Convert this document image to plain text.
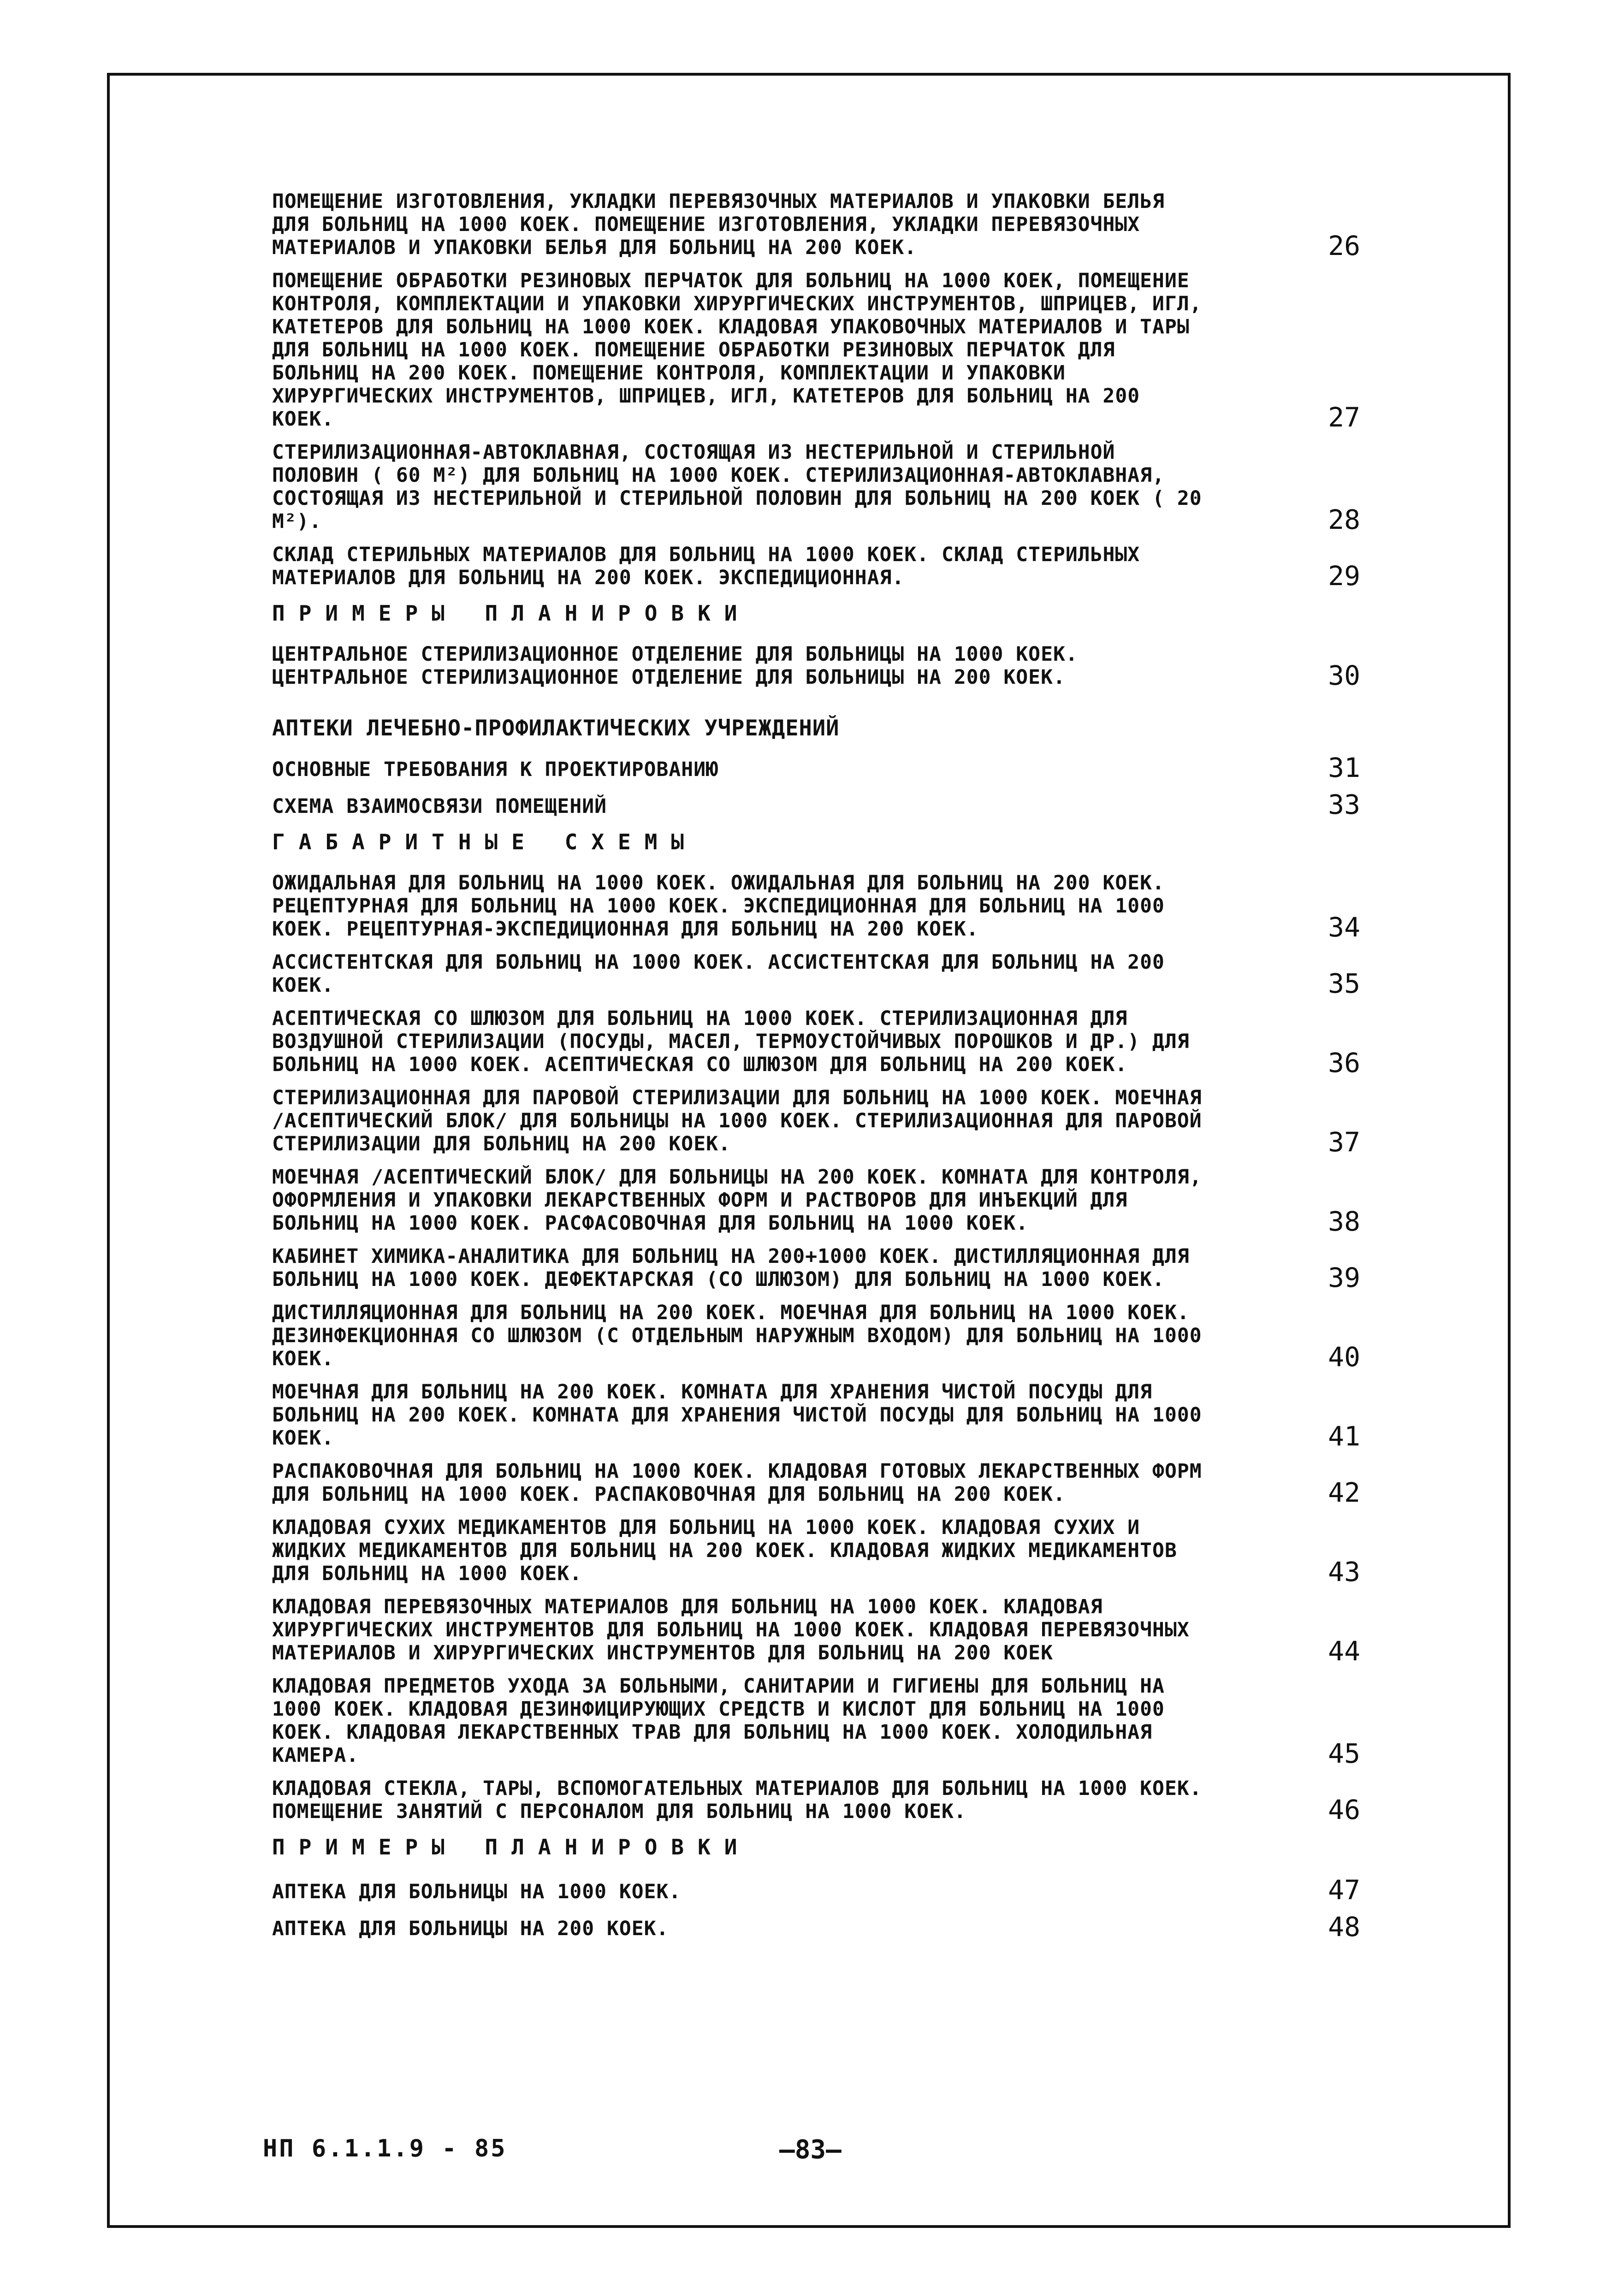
ПОМЕЩЕНИЕ ИЗГОТОВЛЕНИЯ, УКЛАДКИ ПЕРЕВЯЗОЧНЫХ МАТЕРИАЛОВ И УПАКОВКИ БЕЛЬЯ ДЛЯ БОЛЬНИЦ НА 1000 КОЕК. ПОМЕЩЕНИЕ ИЗГОТОВЛЕНИЯ, УКЛАДКИ ПЕРЕВЯЗОЧНЫХ МАТЕРИАЛОВ И УПАКОВКИ БЕЛЬЯ ДЛЯ БОЛЬНИЦ НА 200 КОЕК.	26
ПОМЕЩЕНИЕ ОБРАБОТКИ РЕЗИНОВЫХ ПЕРЧАТОК ДЛЯ БОЛЬНИЦ НА 1000 КОЕК, ПОМЕЩЕНИЕ КОНТРОЛЯ, КОМПЛЕКТАЦИИ И УПАКОВКИ ХИРУРГИЧЕСКИХ ИНСТРУМЕНТОВ, ШПРИЦЕВ, ИГЛ, КАТЕТЕРОВ ДЛЯ БОЛЬНИЦ НА 1000 КОЕК. КЛАДОВАЯ УПАКОВОЧНЫХ МАТЕРИАЛОВ И ТАРЫ ДЛЯ БОЛЬНИЦ НА 1000 КОЕК. ПОМЕЩЕНИЕ ОБРАБОТКИ РЕЗИНОВЫХ ПЕРЧАТОК ДЛЯ БОЛЬНИЦ НА 200 КОЕК. ПОМЕЩЕНИЕ КОНТРОЛЯ, КОМПЛЕКТАЦИИ И УПАКОВКИ ХИРУРГИЧЕСКИХ ИНСТРУМЕНТОВ, ШПРИЦЕВ, ИГЛ, КАТЕТЕРОВ ДЛЯ БОЛЬНИЦ НА 200 КОЕК.	27
СТЕРИЛИЗАЦИОННАЯ-АВТОКЛАВНАЯ, СОСТОЯЩАЯ ИЗ НЕСТЕРИЛЬНОЙ И СТЕРИЛЬНОЙ ПОЛОВИН ( 60 М²) ДЛЯ БОЛЬНИЦ НА 1000 КОЕК. СТЕРИЛИЗАЦИОННАЯ-АВТОКЛАВНАЯ, СОСТОЯЩАЯ ИЗ НЕСТЕРИЛЬНОЙ И СТЕРИЛЬНОЙ ПОЛОВИН ДЛЯ БОЛЬНИЦ НА 200 КОЕК ( 20 М²).	28
СКЛАД СТЕРИЛЬНЫХ МАТЕРИАЛОВ ДЛЯ БОЛЬНИЦ НА 1000 КОЕК. СКЛАД СТЕРИЛЬНЫХ МАТЕРИАЛОВ ДЛЯ БОЛЬНИЦ НА 200 КОЕК. ЭКСПЕДИЦИОННАЯ.	29
ПРИМЕРЫ ПЛАНИРОВКИ
ЦЕНТРАЛЬНОЕ СТЕРИЛИЗАЦИОННОЕ ОТДЕЛЕНИЕ ДЛЯ БОЛЬНИЦЫ НА 1000 КОЕК.
ЦЕНТРАЛЬНОЕ СТЕРИЛИЗАЦИОННОЕ ОТДЕЛЕНИЕ ДЛЯ БОЛЬНИЦЫ НА 200 КОЕК.	30
АПТЕКИ ЛЕЧЕБНО-ПРОФИЛАКТИЧЕСКИХ УЧРЕЖДЕНИЙ
ОСНОВНЫЕ ТРЕБОВАНИЯ К ПРОЕКТИРОВАНИЮ	31
СХЕМА ВЗАИМОСВЯЗИ ПОМЕЩЕНИЙ	33
ГАБАРИТНЫЕ СХЕМЫ
ОЖИДАЛЬНАЯ ДЛЯ БОЛЬНИЦ НА 1000 КОЕК. ОЖИДАЛЬНАЯ ДЛЯ БОЛЬНИЦ НА 200 КОЕК. РЕЦЕПТУРНАЯ ДЛЯ БОЛЬНИЦ НА 1000 КОЕК. ЭКСПЕДИЦИОННАЯ ДЛЯ БОЛЬНИЦ НА 1000 КОЕК. РЕЦЕПТУРНАЯ-ЭКСПЕДИЦИОННАЯ ДЛЯ БОЛЬНИЦ НА 200 КОЕК.	34
АССИСТЕНТСКАЯ ДЛЯ БОЛЬНИЦ НА 1000 КОЕК. АССИСТЕНТСКАЯ ДЛЯ БОЛЬНИЦ НА 200 КОЕК.	35
АСЕПТИЧЕСКАЯ СО ШЛЮЗОМ ДЛЯ БОЛЬНИЦ НА 1000 КОЕК. СТЕРИЛИЗАЦИОННАЯ ДЛЯ ВОЗДУШНОЙ СТЕРИЛИЗАЦИИ (ПОСУДЫ, МАСЕЛ, ТЕРМОУСТОЙЧИВЫХ ПОРОШКОВ И ДР.) ДЛЯ БОЛЬНИЦ НА 1000 КОЕК. АСЕПТИЧЕСКАЯ СО ШЛЮЗОМ ДЛЯ БОЛЬНИЦ НА 200 КОЕК.	36
СТЕРИЛИЗАЦИОННАЯ ДЛЯ ПАРОВОЙ СТЕРИЛИЗАЦИИ ДЛЯ БОЛЬНИЦ НА 1000 КОЕК. МОЕЧНАЯ /АСЕПТИЧЕСКИЙ БЛОК/ ДЛЯ БОЛЬНИЦЫ НА 1000 КОЕК. СТЕРИЛИЗАЦИОННАЯ ДЛЯ ПАРОВОЙ СТЕРИЛИЗАЦИИ ДЛЯ БОЛЬНИЦ НА 200 КОЕК.	37
МОЕЧНАЯ /АСЕПТИЧЕСКИЙ БЛОК/ ДЛЯ БОЛЬНИЦЫ НА 200 КОЕК. КОМНАТА ДЛЯ КОНТРОЛЯ, ОФОРМЛЕНИЯ И УПАКОВКИ ЛЕКАРСТВЕННЫХ ФОРМ И РАСТВОРОВ ДЛЯ ИНЪЕКЦИЙ ДЛЯ БОЛЬНИЦ НА 1000 КОЕК. РАСФАСОВОЧНАЯ ДЛЯ БОЛЬНИЦ НА 1000 КОЕК.	38
КАБИНЕТ ХИМИКА-АНАЛИТИКА ДЛЯ БОЛЬНИЦ НА 200+1000 КОЕК. ДИСТИЛЛЯЦИОННАЯ ДЛЯ БОЛЬНИЦ НА 1000 КОЕК. ДЕФЕКТАРСКАЯ (СО ШЛЮЗОМ) ДЛЯ БОЛЬНИЦ НА 1000 КОЕК.	39
ДИСТИЛЛЯЦИОННАЯ ДЛЯ БОЛЬНИЦ НА 200 КОЕК. МОЕЧНАЯ ДЛЯ БОЛЬНИЦ НА 1000 КОЕК. ДЕЗИНФЕКЦИОННАЯ СО ШЛЮЗОМ (С ОТДЕЛЬНЫМ НАРУЖНЫМ ВХОДОМ) ДЛЯ БОЛЬНИЦ НА 1000 КОЕК.	40
МОЕЧНАЯ ДЛЯ БОЛЬНИЦ НА 200 КОЕК. КОМНАТА ДЛЯ ХРАНЕНИЯ ЧИСТОЙ ПОСУДЫ ДЛЯ БОЛЬНИЦ НА 200 КОЕК. КОМНАТА ДЛЯ ХРАНЕНИЯ ЧИСТОЙ ПОСУДЫ ДЛЯ БОЛЬНИЦ НА 1000 КОЕК.	41
РАСПАКОВОЧНАЯ ДЛЯ БОЛЬНИЦ НА 1000 КОЕК. КЛАДОВАЯ ГОТОВЫХ ЛЕКАРСТВЕННЫХ ФОРМ ДЛЯ БОЛЬНИЦ НА 1000 КОЕК. РАСПАКОВОЧНАЯ ДЛЯ БОЛЬНИЦ НА 200 КОЕК.	42
КЛАДОВАЯ СУХИХ МЕДИКАМЕНТОВ ДЛЯ БОЛЬНИЦ НА 1000 КОЕК. КЛАДОВАЯ СУХИХ И ЖИДКИХ МЕДИКАМЕНТОВ ДЛЯ БОЛЬНИЦ НА 200 КОЕК. КЛАДОВАЯ ЖИДКИХ МЕДИКАМЕНТОВ ДЛЯ БОЛЬНИЦ НА 1000 КОЕК.	43
КЛАДОВАЯ ПЕРЕВЯЗОЧНЫХ МАТЕРИАЛОВ ДЛЯ БОЛЬНИЦ НА 1000 КОЕК. КЛАДОВАЯ ХИРУРГИЧЕСКИХ ИНСТРУМЕНТОВ ДЛЯ БОЛЬНИЦ НА 1000 КОЕК. КЛАДОВАЯ ПЕРЕВЯЗОЧНЫХ МАТЕРИАЛОВ И ХИРУРГИЧЕСКИХ ИНСТРУМЕНТОВ ДЛЯ БОЛЬНИЦ НА 200 КОЕК	44
КЛАДОВАЯ ПРЕДМЕТОВ УХОДА ЗА БОЛЬНЫМИ, САНИТАРИИ И ГИГИЕНЫ ДЛЯ БОЛЬНИЦ НА 1000 КОЕК. КЛАДОВАЯ ДЕЗИНФИЦИРУЮЩИХ СРЕДСТВ И КИСЛОТ ДЛЯ БОЛЬНИЦ НА 1000 КОЕК. КЛАДОВАЯ ЛЕКАРСТВЕННЫХ ТРАВ ДЛЯ БОЛЬНИЦ НА 1000 КОЕК. ХОЛОДИЛЬНАЯ КАМЕРА.	45
КЛАДОВАЯ СТЕКЛА, ТАРЫ, ВСПОМОГАТЕЛЬНЫХ МАТЕРИАЛОВ ДЛЯ БОЛЬНИЦ НА 1000 КОЕК. ПОМЕЩЕНИЕ ЗАНЯТИЙ С ПЕРСОНАЛОМ ДЛЯ БОЛЬНИЦ НА 1000 КОЕК.	46
ПРИМЕРЫ ПЛАНИРОВКИ
АПТЕКА ДЛЯ БОЛЬНИЦЫ НА 1000 КОЕК.	47
АПТЕКА ДЛЯ БОЛЬНИЦЫ НА 200 КОЕК.	48
НП 6.1.1.9 - 85	—83—
